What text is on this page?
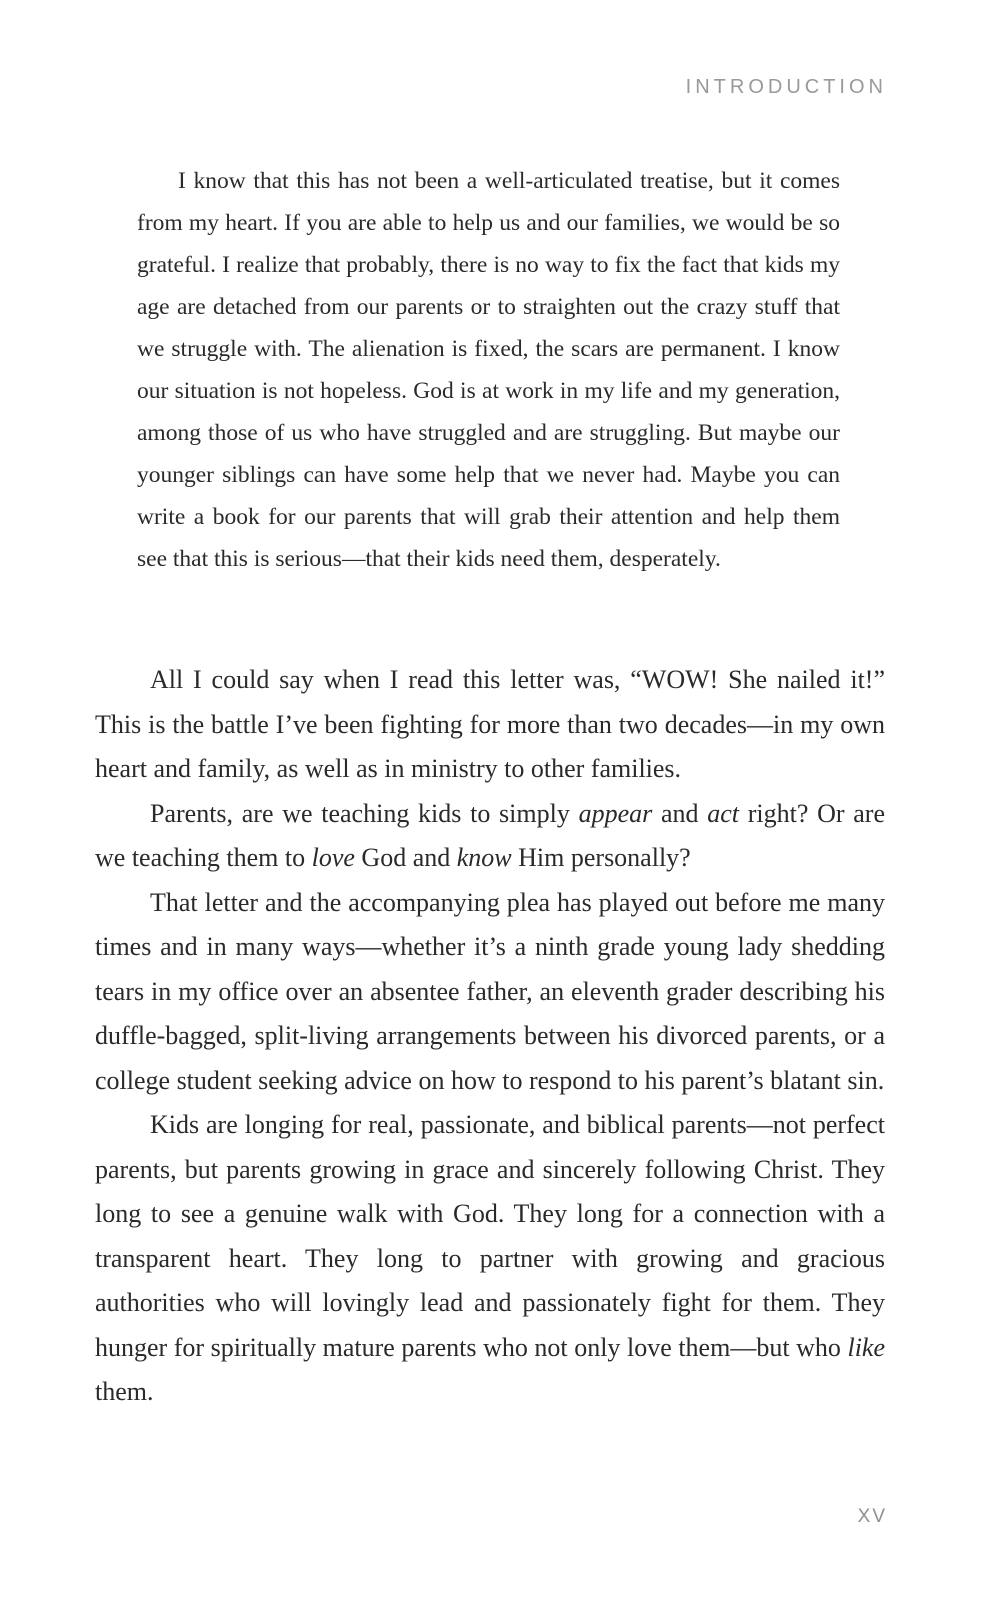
INTRODUCTION
I know that this has not been a well-articulated treatise, but it comes from my heart. If you are able to help us and our families, we would be so grateful. I realize that probably, there is no way to fix the fact that kids my age are detached from our parents or to straighten out the crazy stuff that we struggle with. The alienation is fixed, the scars are permanent. I know our situation is not hopeless. God is at work in my life and my generation, among those of us who have struggled and are struggling. But maybe our younger siblings can have some help that we never had. Maybe you can write a book for our parents that will grab their attention and help them see that this is serious—that their kids need them, desperately.

All I could say when I read this letter was, “WOW! She nailed it!” This is the battle I’ve been fighting for more than two decades—in my own heart and family, as well as in ministry to other families.

Parents, are we teaching kids to simply appear and act right? Or are we teaching them to love God and know Him personally?

That letter and the accompanying plea has played out before me many times and in many ways—whether it’s a ninth grade young lady shedding tears in my office over an absentee father, an eleventh grader describing his duffle-bagged, split-living arrangements between his divorced parents, or a college student seeking advice on how to respond to his parent’s blatant sin.

Kids are longing for real, passionate, and biblical parents—not perfect parents, but parents growing in grace and sincerely following Christ. They long to see a genuine walk with God. They long for a connection with a transparent heart. They long to partner with growing and gracious authorities who will lovingly lead and passionately fight for them. They hunger for spiritually mature parents who not only love them—but who like them.

XV
